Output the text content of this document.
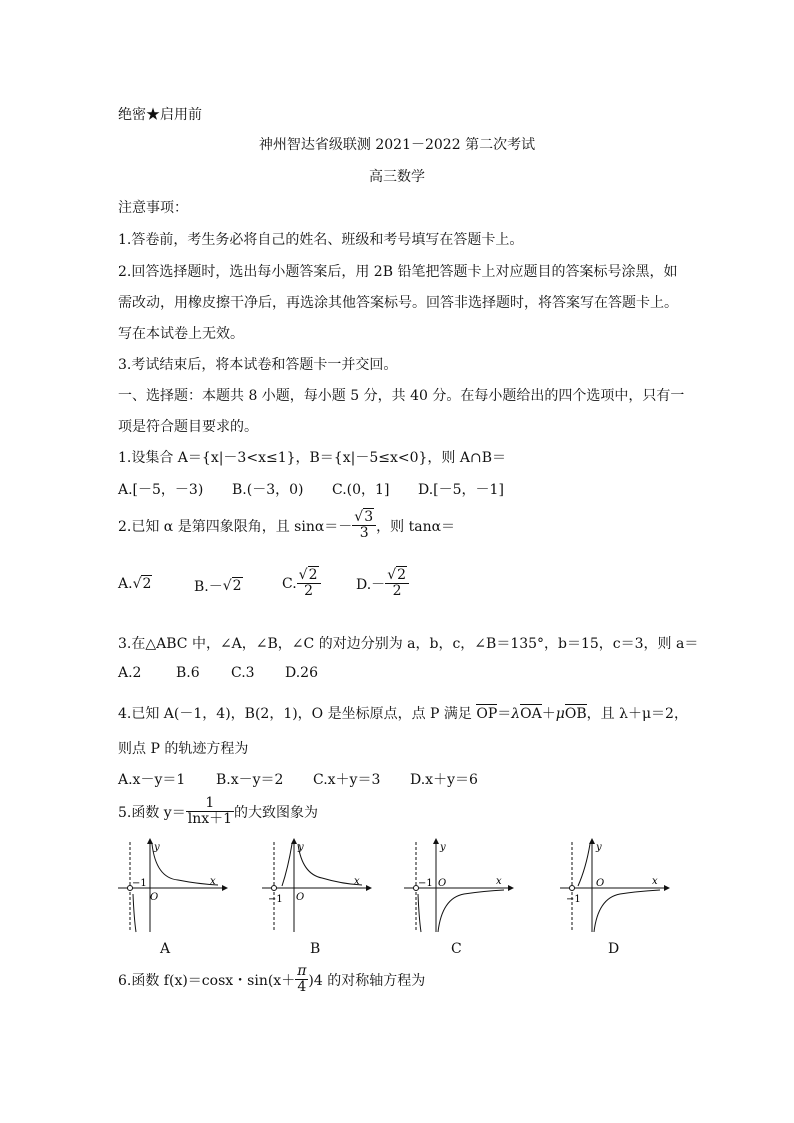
绝密★启用前
神州智达省级联测 2021－2022 第二次考试
高三数学
注意事项：
1.答卷前，考生务必将自己的姓名、班级和考号填写在答题卡上。
2.回答选择题时，选出每小题答案后，用 2B 铅笔把答题卡上对应题目的答案标号涂黑，如
需改动，用橡皮擦干净后，再选涂其他答案标号。回答非选择题时，将答案写在答题卡上。
写在本试卷上无效。
3.考试结束后，将本试卷和答题卡一并交回。
一、选择题：本题共 8 小题，每小题 5 分，共 40 分。在每小题给出的四个选项中，只有一
项是符合题目要求的。
1.设集合 A＝{x|－3<x≤1}，B＝{x|－5≤x<0}，则 A∩B＝
A.[－5，－3) B.(－3，0) C.(0，1] D.[－5，－1]
2.已知 α 是第四象限角，且 $\sin\alpha=- \frac{√3}{3}$ ，则 tanα＝
A.√2	B.－√2	C. $\frac{√2}{2}$	$D.- \frac{√2}{2}$
3.在△ABC 中，∠A，∠B，∠C 的对边分别为 a，b，c，∠B＝135°，b＝15，c＝3，则 a＝
A.2 B.6 C.3 D.26
4.已知 A(－1，4)，B(2，1)，O 是坐标原点，点 P 满足 OP＝λOA＋μOB，且 λ＋μ＝2，
则点 P 的轨迹方程为
A.x－y＝1 B.x－y＝2 C.x＋y＝3 D.x＋y＝6
5.函数 $y= \frac{1}{\ln x+1}$ 的大致图象为
−1
O
x
y
−1 O
x
y
−1 O	x
y
−1
O	x
y
A	B	C	D
6.函数 f(x)＝cosx・$\sin(x+ \frac{\pi}{4} )4$ 的对称轴方程为
